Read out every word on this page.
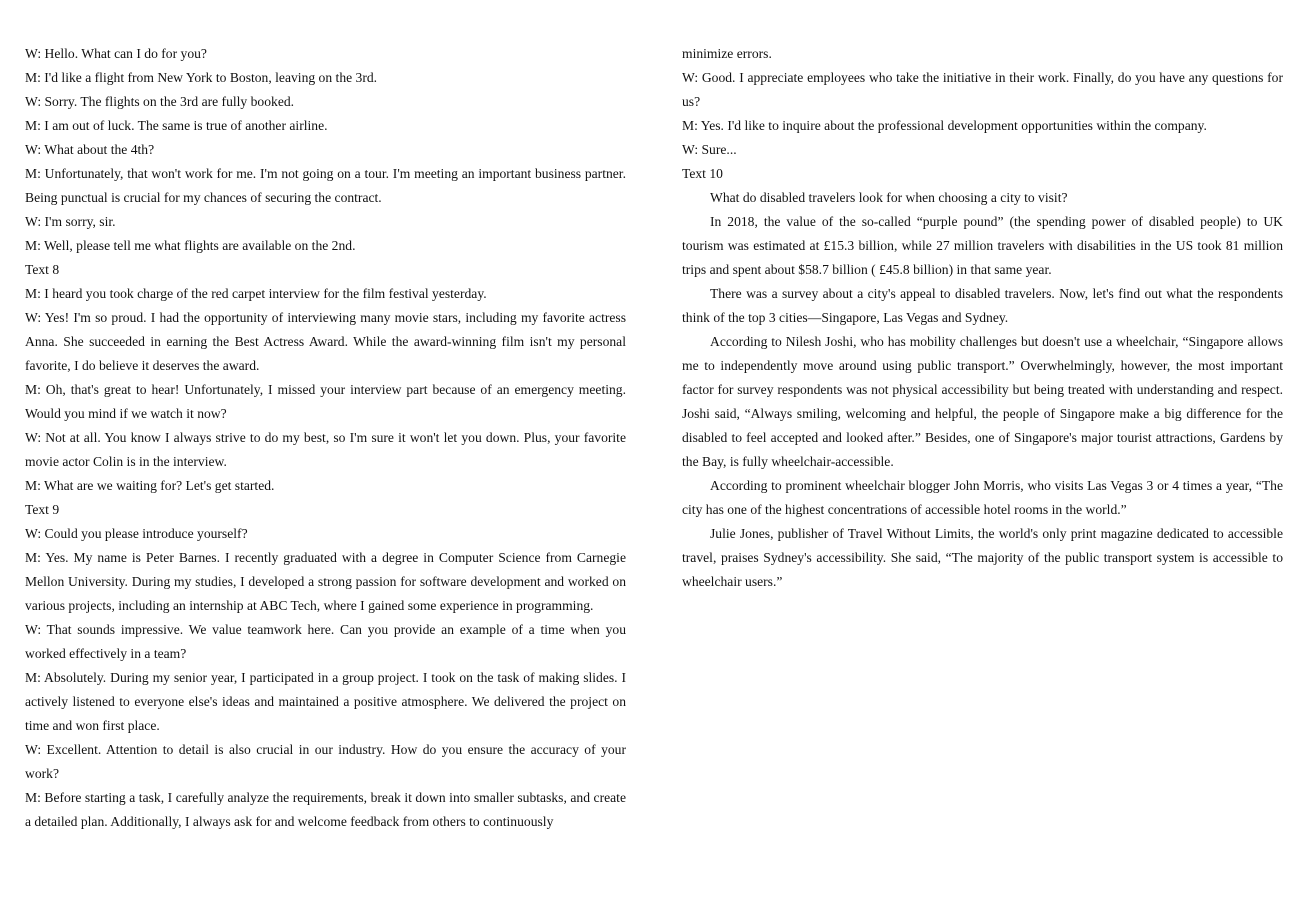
W: Hello. What can I do for you?

M: I'd like a flight from New York to Boston, leaving on the 3rd.

W: Sorry. The flights on the 3rd are fully booked.

M: I am out of luck. The same is true of another airline.

W: What about the 4th?

M: Unfortunately, that won't work for me. I'm not going on a tour. I'm meeting an important business partner. Being punctual is crucial for my chances of securing the contract.

W: I'm sorry, sir.

M: Well, please tell me what flights are available on the 2nd.

Text 8

M: I heard you took charge of the red carpet interview for the film festival yesterday.

W: Yes! I'm so proud. I had the opportunity of interviewing many movie stars, including my favorite actress Anna. She succeeded in earning the Best Actress Award. While the award-winning film isn't my personal favorite, I do believe it deserves the award.

M: Oh, that's great to hear! Unfortunately, I missed your interview part because of an emergency meeting. Would you mind if we watch it now?

W: Not at all. You know I always strive to do my best, so I'm sure it won't let you down. Plus, your favorite movie actor Colin is in the interview.

M: What are we waiting for? Let's get started.

Text 9

W: Could you please introduce yourself?

M: Yes. My name is Peter Barnes. I recently graduated with a degree in Computer Science from Carnegie Mellon University. During my studies, I developed a strong passion for software development and worked on various projects, including an internship at ABC Tech, where I gained some experience in programming.

W: That sounds impressive. We value teamwork here. Can you provide an example of a time when you worked effectively in a team?

M: Absolutely. During my senior year, I participated in a group project. I took on the task of making slides. I actively listened to everyone else's ideas and maintained a positive atmosphere. We delivered the project on time and won first place.

W: Excellent. Attention to detail is also crucial in our industry. How do you ensure the accuracy of your work?

M: Before starting a task, I carefully analyze the requirements, break it down into smaller subtasks, and create a detailed plan. Additionally, I always ask for and welcome feedback from others to continuously

minimize errors.

W: Good. I appreciate employees who take the initiative in their work. Finally, do you have any questions for us?

M: Yes. I'd like to inquire about the professional development opportunities within the company.

W: Sure...

Text 10

What do disabled travelers look for when choosing a city to visit?

In 2018, the value of the so-called “purple pound” (the spending power of disabled people) to UK tourism was estimated at £15.3 billion, while 27 million travelers with disabilities in the US took 81 million trips and spent about $58.7 billion ( £45.8 billion) in that same year.

There was a survey about a city's appeal to disabled travelers. Now, let's find out what the respondents think of the top 3 cities—Singapore, Las Vegas and Sydney.

According to Nilesh Joshi, who has mobility challenges but doesn't use a wheelchair, “Singapore allows me to independently move around using public transport.” Overwhelmingly, however, the most important factor for survey respondents was not physical accessibility but being treated with understanding and respect. Joshi said, “Always smiling, welcoming and helpful, the people of Singapore make a big difference for the disabled to feel accepted and looked after.” Besides, one of Singapore's major tourist attractions, Gardens by the Bay, is fully wheelchair-accessible.

According to prominent wheelchair blogger John Morris, who visits Las Vegas 3 or 4 times a year, “The city has one of the highest concentrations of accessible hotel rooms in the world.”

Julie Jones, publisher of Travel Without Limits, the world's only print magazine dedicated to accessible travel, praises Sydney's accessibility. She said, “The majority of the public transport system is accessible to wheelchair users.”
